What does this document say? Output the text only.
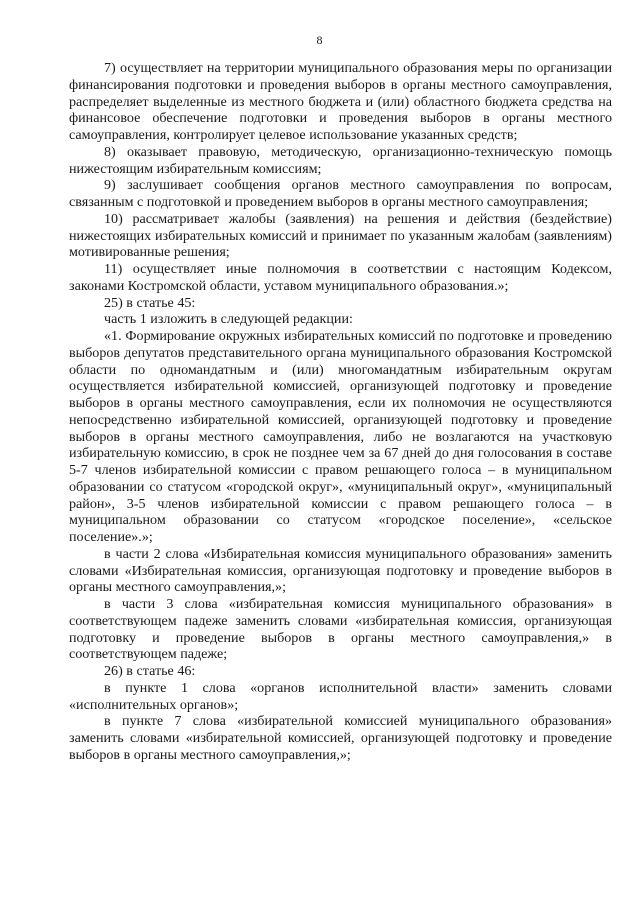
8

7) осуществляет на территории муниципального образования меры по организации финансирования подготовки и проведения выборов в органы местного самоуправления, распределяет выделенные из местного бюджета и (или) областного бюджета средства на финансовое обеспечение подготовки и проведения выборов в органы местного самоуправления, контролирует целевое использование указанных средств;

8) оказывает правовую, методическую, организационно-техническую помощь нижестоящим избирательным комиссиям;

9) заслушивает сообщения органов местного самоуправления по вопросам, связанным с подготовкой и проведением выборов в органы местного самоуправления;

10) рассматривает жалобы (заявления) на решения и действия (бездействие) нижестоящих избирательных комиссий и принимает по указанным жалобам (заявлениям) мотивированные решения;

11) осуществляет иные полномочия в соответствии с настоящим Кодексом, законами Костромской области, уставом муниципального образования.»;

25) в статье 45:

часть 1 изложить в следующей редакции:

«1. Формирование окружных избирательных комиссий по подготовке и проведению выборов депутатов представительного органа муниципального образования Костромской области по одномандатным и (или) многомандатным избирательным округам осуществляется избирательной комиссией, организующей подготовку и проведение выборов в органы местного самоуправления, если их полномочия не осуществляются непосредственно избирательной комиссией, организующей подготовку и проведение выборов в органы местного самоуправления, либо не возлагаются на участковую избирательную комиссию, в срок не позднее чем за 67 дней до дня голосования в составе 5-7 членов избирательной комиссии с правом решающего голоса – в муниципальном образовании со статусом «городской округ», «муниципальный округ», «муниципальный район», 3-5 членов избирательной комиссии с правом решающего голоса – в муниципальном образовании со статусом «городское поселение», «сельское поселение».»;

в части 2 слова «Избирательная комиссия муниципального образования» заменить словами «Избирательная комиссия, организующая подготовку и проведение выборов в органы местного самоуправления,»;

в части 3 слова «избирательная комиссия муниципального образования» в соответствующем падеже заменить словами «избирательная комиссия, организующая подготовку и проведение выборов в органы местного самоуправления,» в соответствующем падеже;

26) в статье 46:

в пункте 1 слова «органов исполнительной власти» заменить словами «исполнительных органов»;

в пункте 7 слова «избирательной комиссией муниципального образования» заменить словами «избирательной комиссией, организующей подготовку и проведение выборов в органы местного самоуправления,»;
